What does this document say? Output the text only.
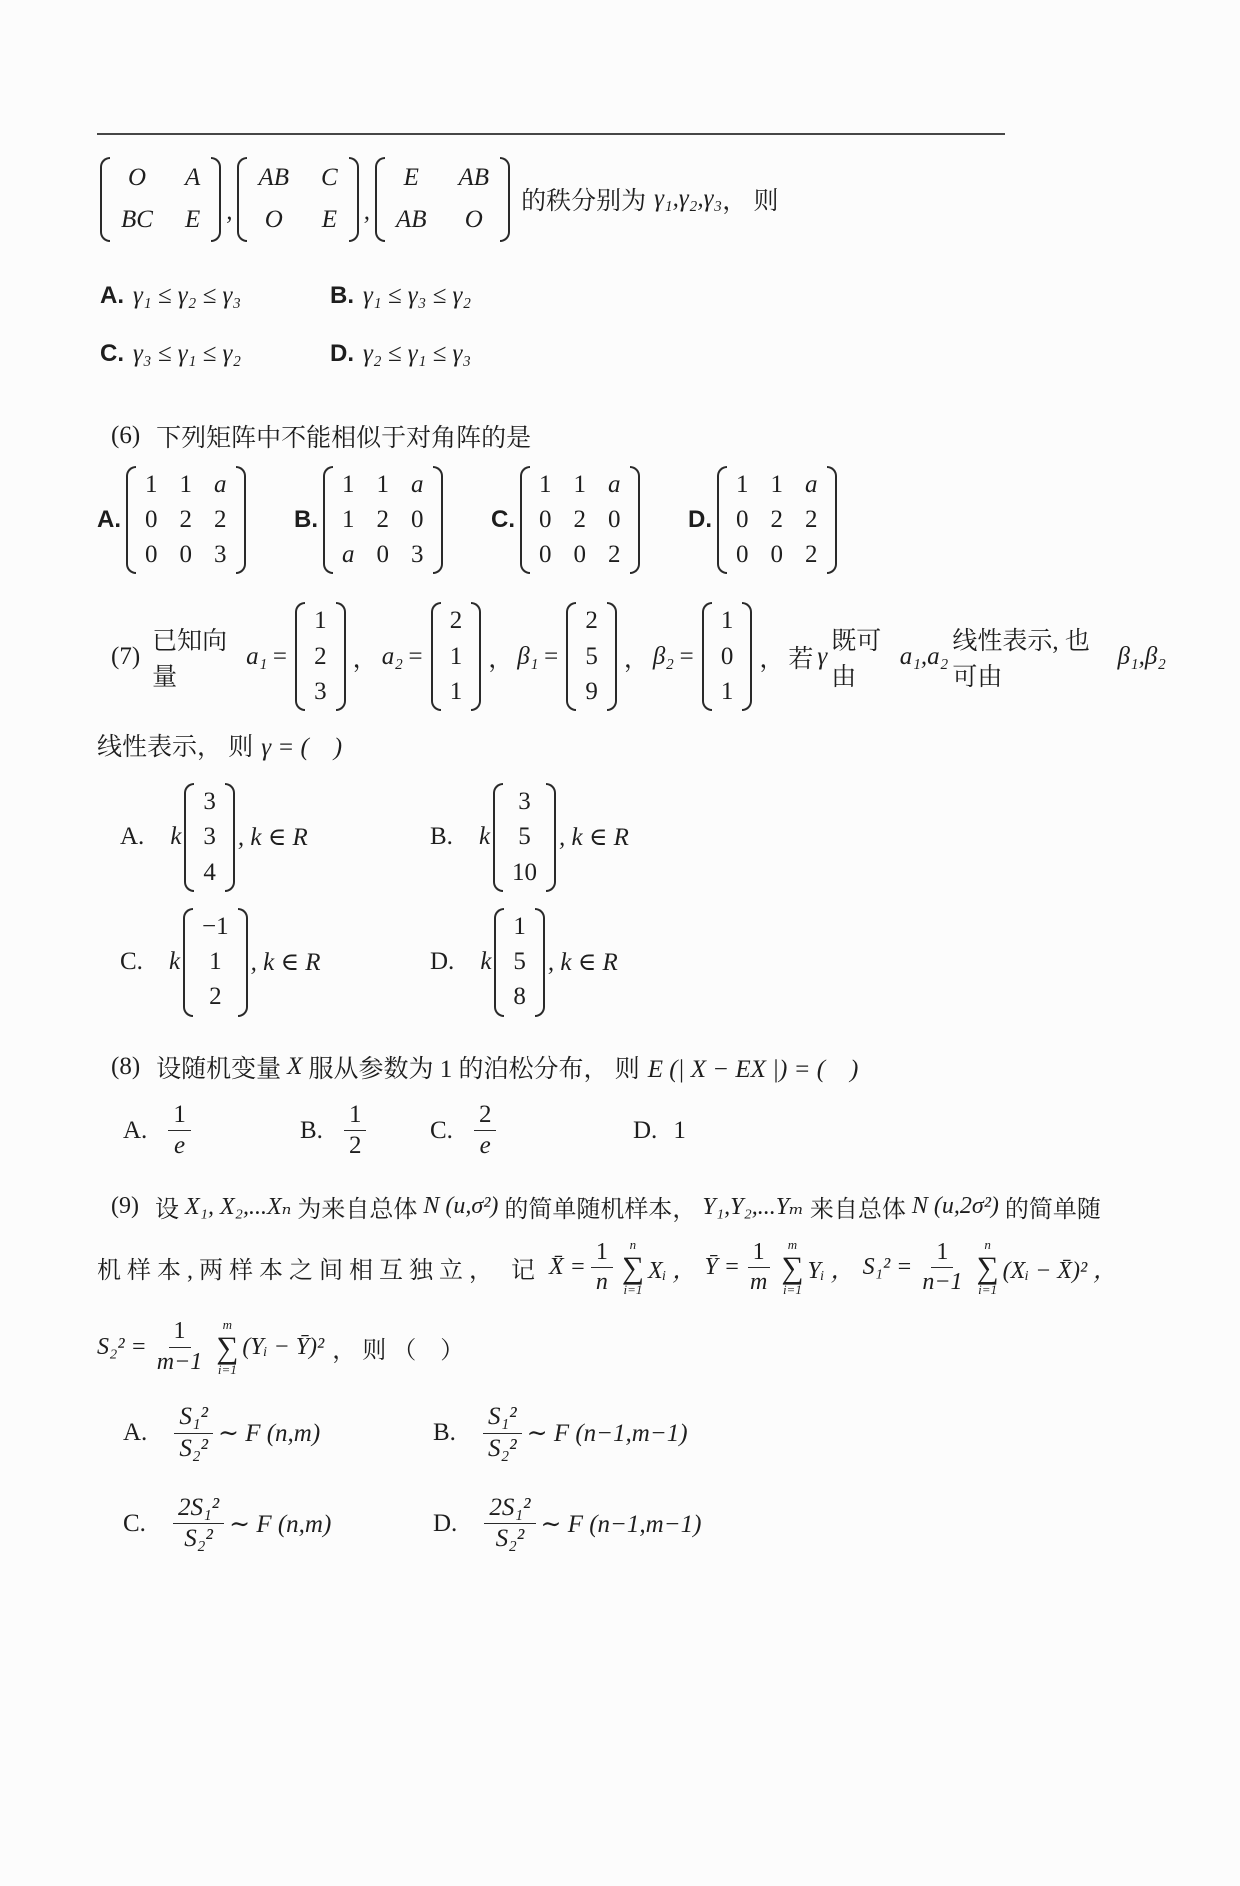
O A
BC E ,
AB C
O E ,
E AB
AB O
的秩分别为 γ₁,γ₂,γ₃ ， 则
A. γ₁ ≤ γ₂ ≤ γ₃	B. γ₁ ≤ γ₃ ≤ γ₂
C. γ₃ ≤ γ₁ ≤ γ₂	D. γ₂ ≤ γ₁ ≤ γ₃
(6) 下列矩阵中不能相似于对角阵的是
A.
1 1 a
0 2 2
0 0 3
B.
1 1 a
1 2 0
a 0 3
C.
1 1 a
0 2 0
0 0 2
D.
1 1 a
0 2 2
0 0 2
(7)
已知向量
a₁ =
1
2
3
， a₂ =
2
1
1
， β₁ =
2
5
9
， β₂ =
1
0
1
， 若 γ
既可由
a₁,a₂
线性表示, 也可由
β₁,β₂
线性表示， 则 γ = (　)
A. k
3
3
4
, k ∈ R	B. k
3
5
10
, k ∈ R
C. k
−1
1
2
, k ∈ R	D. k
1
5
8
, k ∈ R
(8) 设随机变量 X 服从参数为 1 的泊松分布， 则 E (| X − EX |) = (　)
A. $\frac{1}{e}$	B. $\frac{1}{2}$	C. $\frac{2}{e}$	D. 1
(9) 设 X₁, X₂,...Xₙ 为来自总体 N (u,σ²) 的简单随机样本， Y₁,Y₂,...Yₘ 来自总体 N (u,2σ²) 的简单随
机样本,两样本之间相互独立， 记 X̄ = $\frac{1}{n}$ n
∑
i=1
Xᵢ ， Ȳ = $\frac{1}{m}$ m
∑
i=1
Yᵢ ， $S_1^2 = \frac{1}{n-1}$ n
∑
i=1
(Xᵢ − X̄)² ，
$S_2^2 = \frac{1}{m-1}$ m
∑
i=1
(Yᵢ − Ȳ)² ， 则 （　）
A. $\frac{\text{S₁²}}{\text{S₂²}}$ ∼ F (n,m)	B. $\frac{\text{S₁²}}{\text{S₂²}}$ ∼ F (n−1,m−1)
C. $\frac{\text{2S₁²}}{\text{S₂²}}$ ∼ F (n,m)	D. $\frac{\text{2S₁²}}{\text{S₂²}}$ ∼ F (n−1,m−1)
